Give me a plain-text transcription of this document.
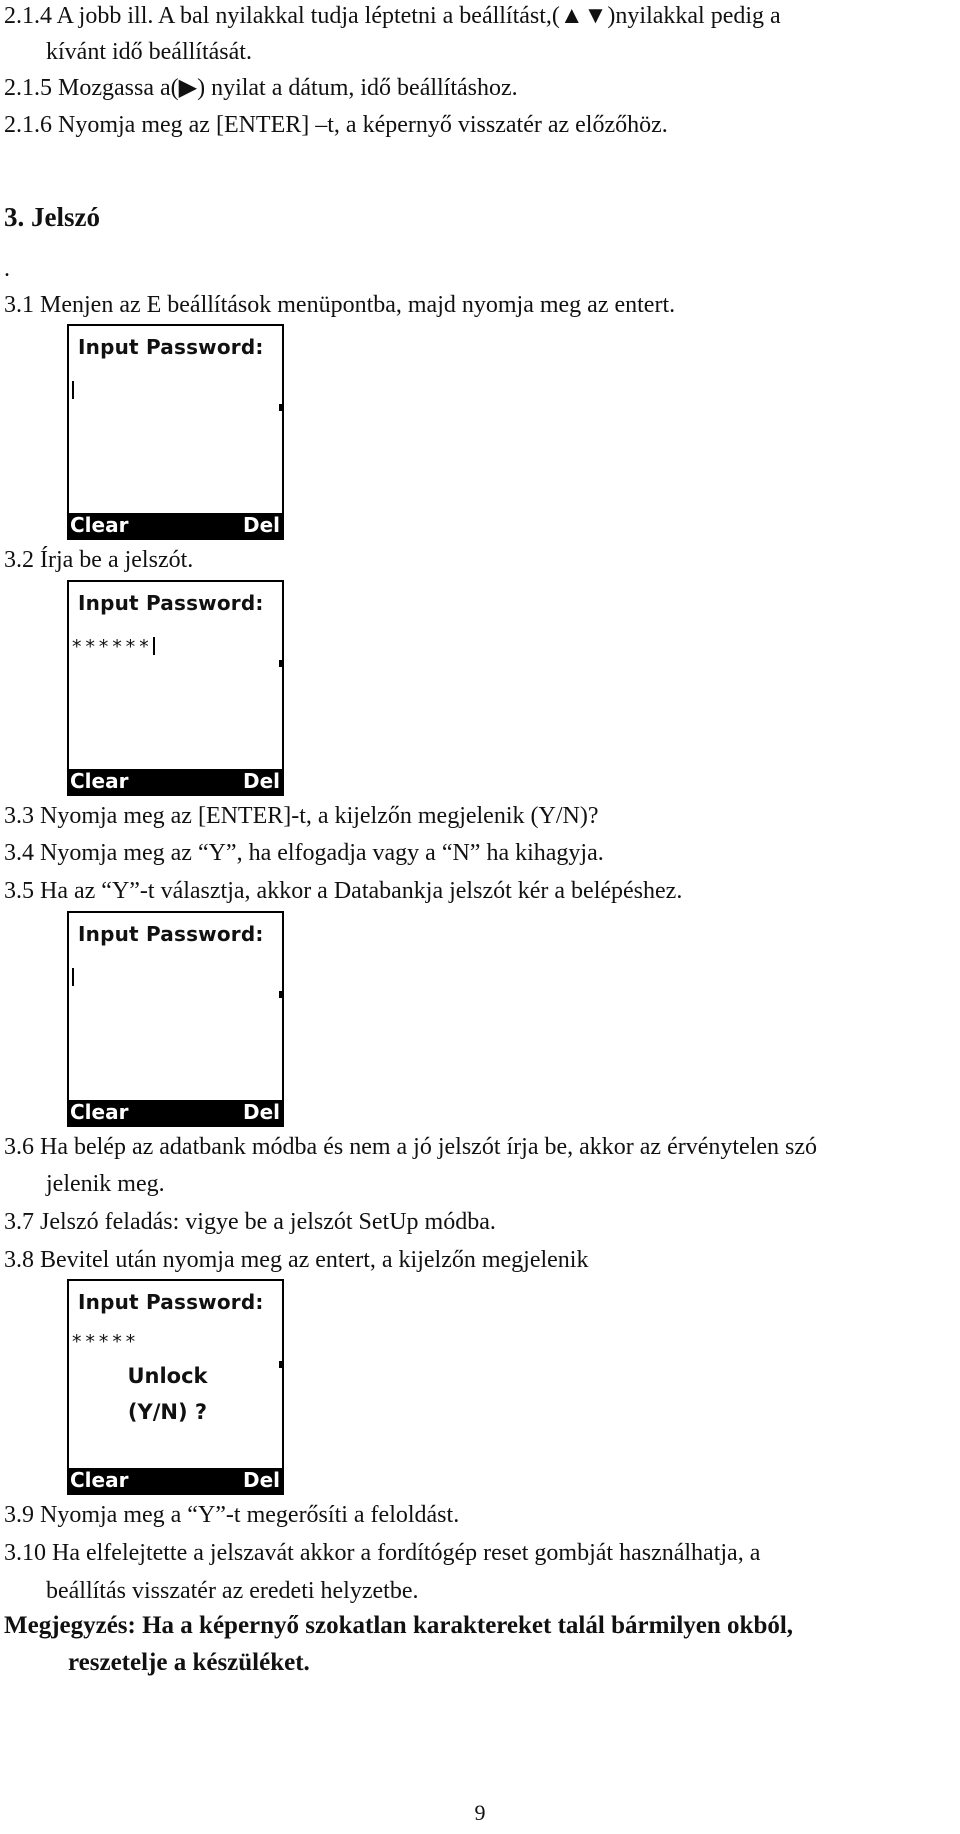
2.1.4 A jobb ill. A bal nyilakkal tudja léptetni a beállítást,(▲▼)nyilakkal pedig a

kívánt idő beállítását.

2.1.5 Mozgassa a(▶) nyilat a dátum, idő beállításhoz.

2.1.6 Nyomja meg az [ENTER] –t, a képernyő visszatér az előzőhöz.

3. Jelszó

.

3.1 Menjen az E beállítások menüpontba, majd nyomja meg az entert.

Input Password:
Clear	Del

3.2 Írja be a jelszót.

Input Password:
******
Clear	Del

3.3 Nyomja meg az [ENTER]-t, a kijelzőn megjelenik (Y/N)?

3.4 Nyomja meg az “Y”, ha elfogadja vagy a “N” ha kihagyja.

3.5 Ha az “Y”-t választja, akkor a Databankja jelszót kér a belépéshez.

Input Password:
Clear	Del

3.6 Ha belép az adatbank módba és nem a jó jelszót írja be, akkor az érvénytelen szó

jelenik meg.

3.7 Jelszó feladás: vigye be a jelszót SetUp módba.

3.8 Bevitel után nyomja meg az entert, a kijelzőn megjelenik

Input Password:
*****
Unlock
(Y/N) ?
Clear	Del

3.9 Nyomja meg a “Y”-t megerősíti a feloldást.

3.10 Ha elfelejtette a jelszavát akkor a fordítógép reset gombját használhatja, a

beállítás visszatér az eredeti helyzetbe.

Megjegyzés: Ha a képernyő szokatlan karaktereket talál bármilyen okból,

reszetelje a készüléket.

9
